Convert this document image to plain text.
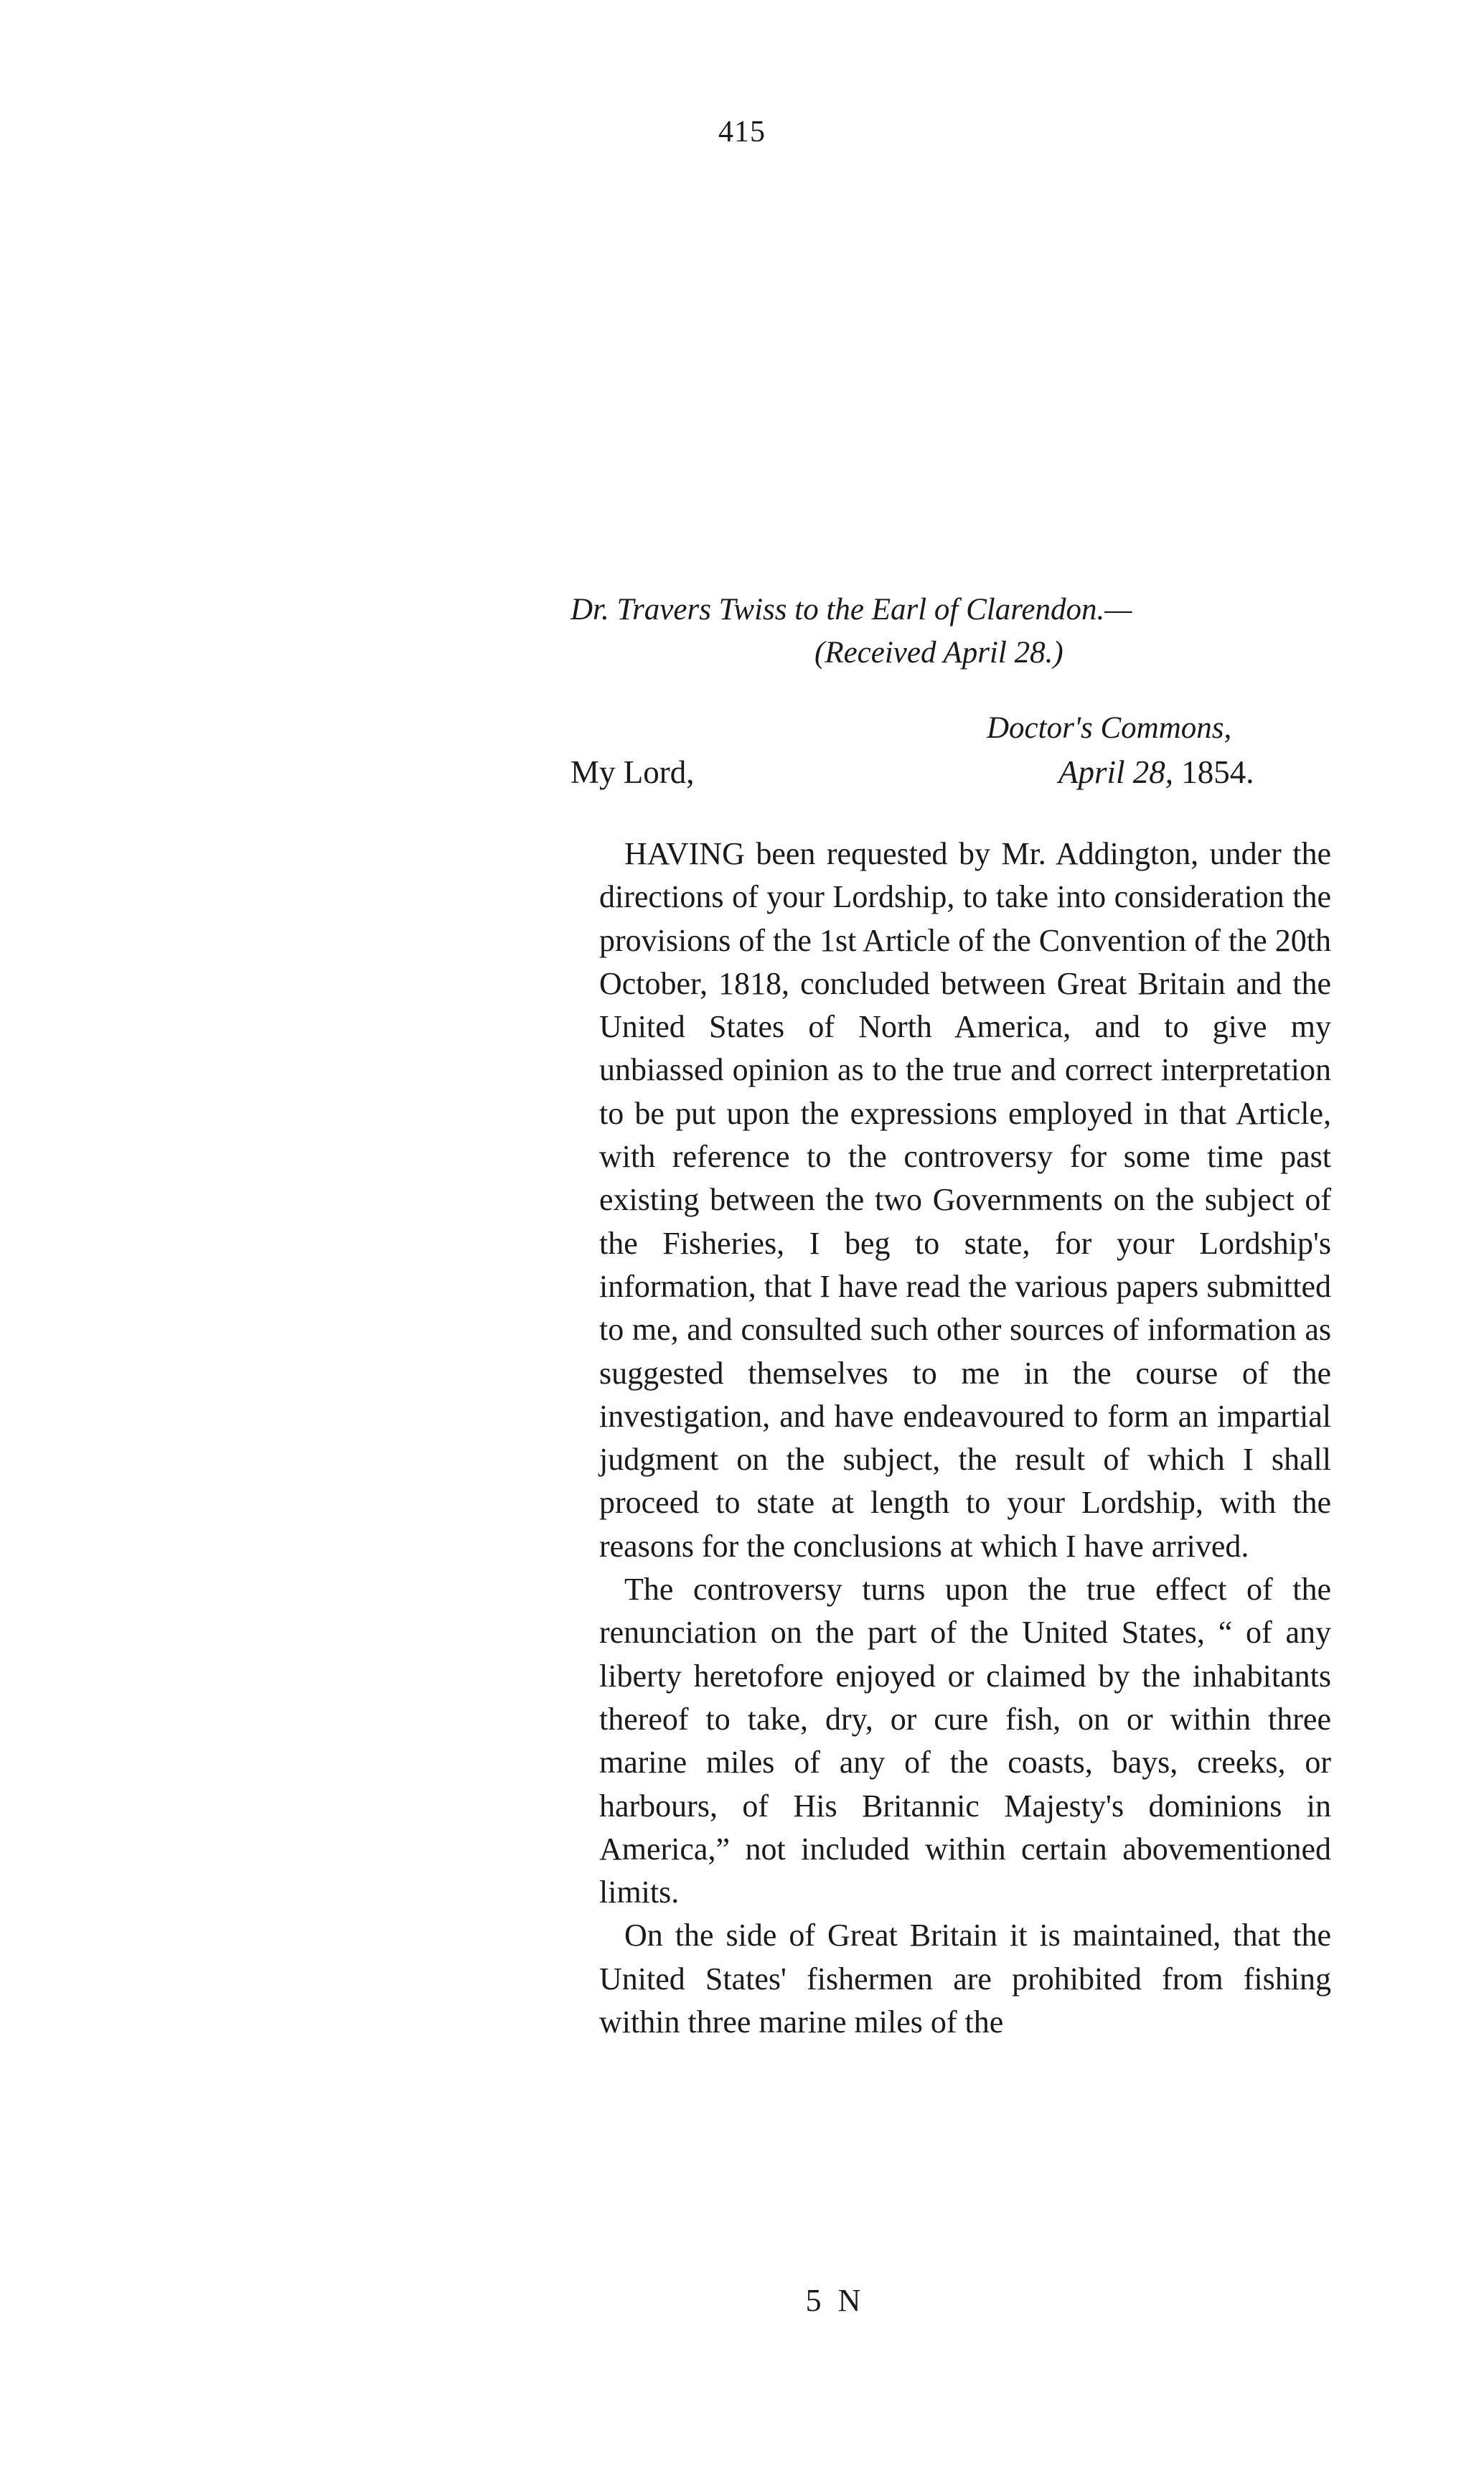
415
Dr. Travers Twiss to the Earl of Clarendon.—
(Received April 28.)
Doctor's Commons,
My Lord,	April 28, 1854.

HAVING been requested by Mr. Addington, under the directions of your Lordship, to take into consideration the provisions of the 1st Article of the Convention of the 20th October, 1818, concluded between Great Britain and the United States of North America, and to give my unbiassed opinion as to the true and correct interpretation to be put upon the expressions employed in that Article, with reference to the controversy for some time past existing between the two Governments on the subject of the Fisheries, I beg to state, for your Lordship's information, that I have read the various papers submitted to me, and consulted such other sources of information as suggested themselves to me in the course of the investigation, and have endeavoured to form an impartial judgment on the subject, the result of which I shall proceed to state at length to your Lordship, with the reasons for the conclusions at which I have arrived.

The controversy turns upon the true effect of the renunciation on the part of the United States, “ of any liberty heretofore enjoyed or claimed by the inhabitants thereof to take, dry, or cure fish, on or within three marine miles of any of the coasts, bays, creeks, or harbours, of His Britannic Majesty's dominions in America,” not included within certain abovementioned limits.

On the side of Great Britain it is maintained, that the United States' fishermen are prohibited from fishing within three marine miles of the

5 N
